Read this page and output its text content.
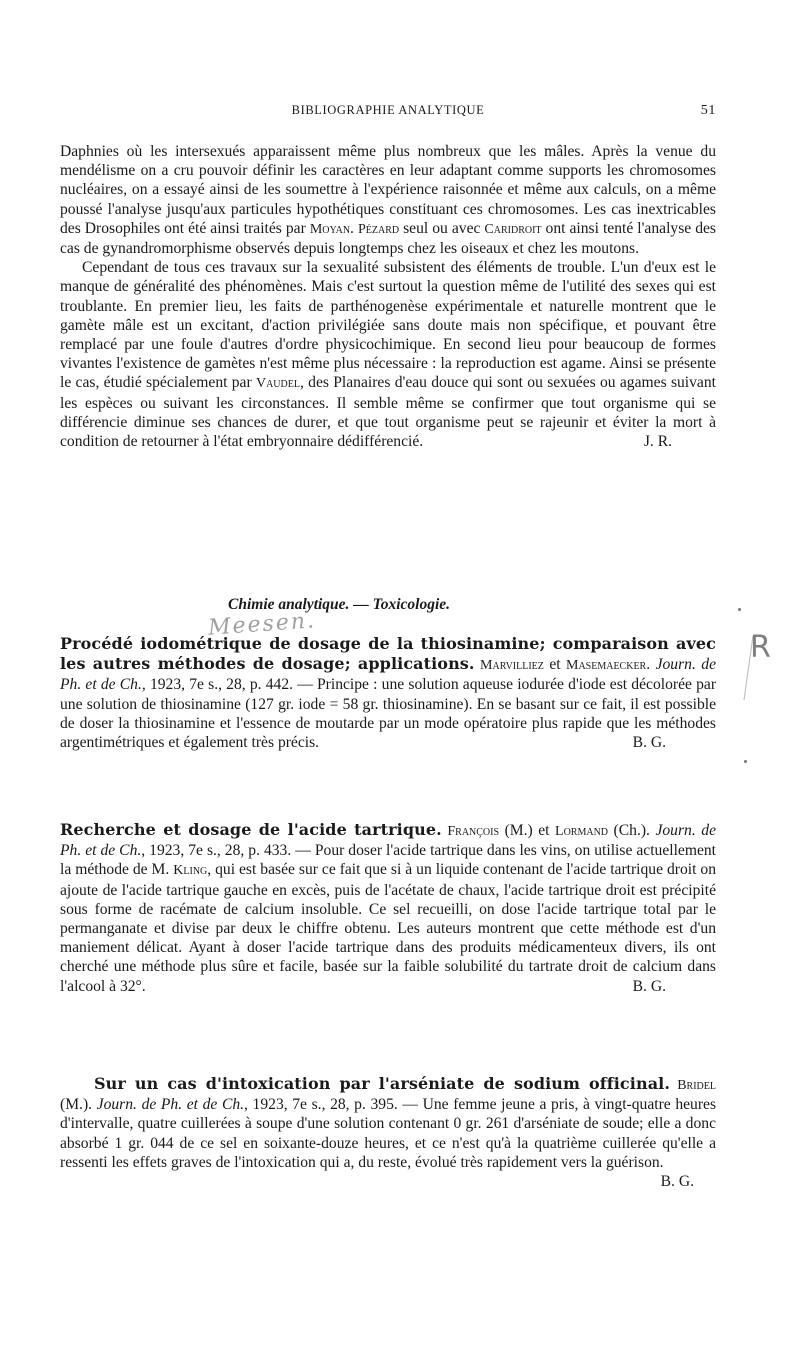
BIBLIOGRAPHIE ANALYTIQUE	51

Daphnies où les intersexués apparaissent même plus nombreux que les mâles. Après la venue du mendélisme on a cru pouvoir définir les caractères en leur adaptant comme supports les chromosomes nucléaires, on a essayé ainsi de les soumettre à l'expérience raisonnée et même aux calculs, on a même poussé l'analyse jusqu'aux particules hypothétiques constituant ces chromosomes. Les cas inextricables des Drosophiles ont été ainsi traités par Moyan. Pézard seul ou avec Caridroit ont ainsi tenté l'analyse des cas de gynandromorphisme observés depuis longtemps chez les oiseaux et chez les moutons.

Cependant de tous ces travaux sur la sexualité subsistent des éléments de trouble. L'un d'eux est le manque de généralité des phénomènes. Mais c'est surtout la question même de l'utilité des sexes qui est troublante. En premier lieu, les faits de parthénogenèse expérimentale et naturelle montrent que le gamète mâle est un excitant, d'action privilégiée sans doute mais non spécifique, et pouvant être remplacé par une foule d'autres d'ordre physicochimique. En second lieu pour beaucoup de formes vivantes l'existence de gamètes n'est même plus nécessaire : la reproduction est agame. Ainsi se présente le cas, étudié spécialement par Vaudel, des Planaires d'eau douce qui sont ou sexuées ou agames suivant les espèces ou suivant les circonstances. Il semble même se confirmer que tout organisme qui se différencie diminue ses chances de durer, et que tout organisme peut se rajeunir et éviter la mort à condition de retourner à l'état embryonnaire dédifférencié.	J. R.

Chimie analytique. — Toxicologie.
Meesen.
R

Procédé iodométrique de dosage de la thiosinamine; comparaison avec les autres méthodes de dosage; applications. Marvilliez et Masemaecker. Journ. de Ph. et de Ch., 1923, 7e s., 28, p. 442. — Principe : une solution aqueuse iodurée d'iode est décolorée par une solution de thiosinamine (127 gr. iode = 58 gr. thiosinamine). En se basant sur ce fait, il est possible de doser la thiosinamine et l'essence de moutarde par un mode opératoire plus rapide que les méthodes argentimétriques et également très précis.	B. G.

Recherche et dosage de l'acide tartrique. François (M.) et Lormand (Ch.). Journ. de Ph. et de Ch., 1923, 7e s., 28, p. 433. — Pour doser l'acide tartrique dans les vins, on utilise actuellement la méthode de M. Kling, qui est basée sur ce fait que si à un liquide contenant de l'acide tartrique droit on ajoute de l'acide tartrique gauche en excès, puis de l'acétate de chaux, l'acide tartrique droit est précipité sous forme de racémate de calcium insoluble. Ce sel recueilli, on dose l'acide tartrique total par le permanganate et divise par deux le chiffre obtenu. Les auteurs montrent que cette méthode est d'un maniement délicat. Ayant à doser l'acide tartrique dans des produits médicamenteux divers, ils ont cherché une méthode plus sûre et facile, basée sur la faible solubilité du tartrate droit de calcium dans l'alcool à 32°.	B. G.

Sur un cas d'intoxication par l'arséniate de sodium officinal. Bridel (M.). Journ. de Ph. et de Ch., 1923, 7e s., 28, p. 395. — Une femme jeune a pris, à vingt-quatre heures d'intervalle, quatre cuillerées à soupe d'une solution contenant 0 gr. 261 d'arséniate de soude; elle a donc absorbé 1 gr. 044 de ce sel en soixante-douze heures, et ce n'est qu'à la quatrième cuillerée qu'elle a ressenti les effets graves de l'intoxication qui a, du reste, évolué très rapidement vers la guérison.
B. G.
